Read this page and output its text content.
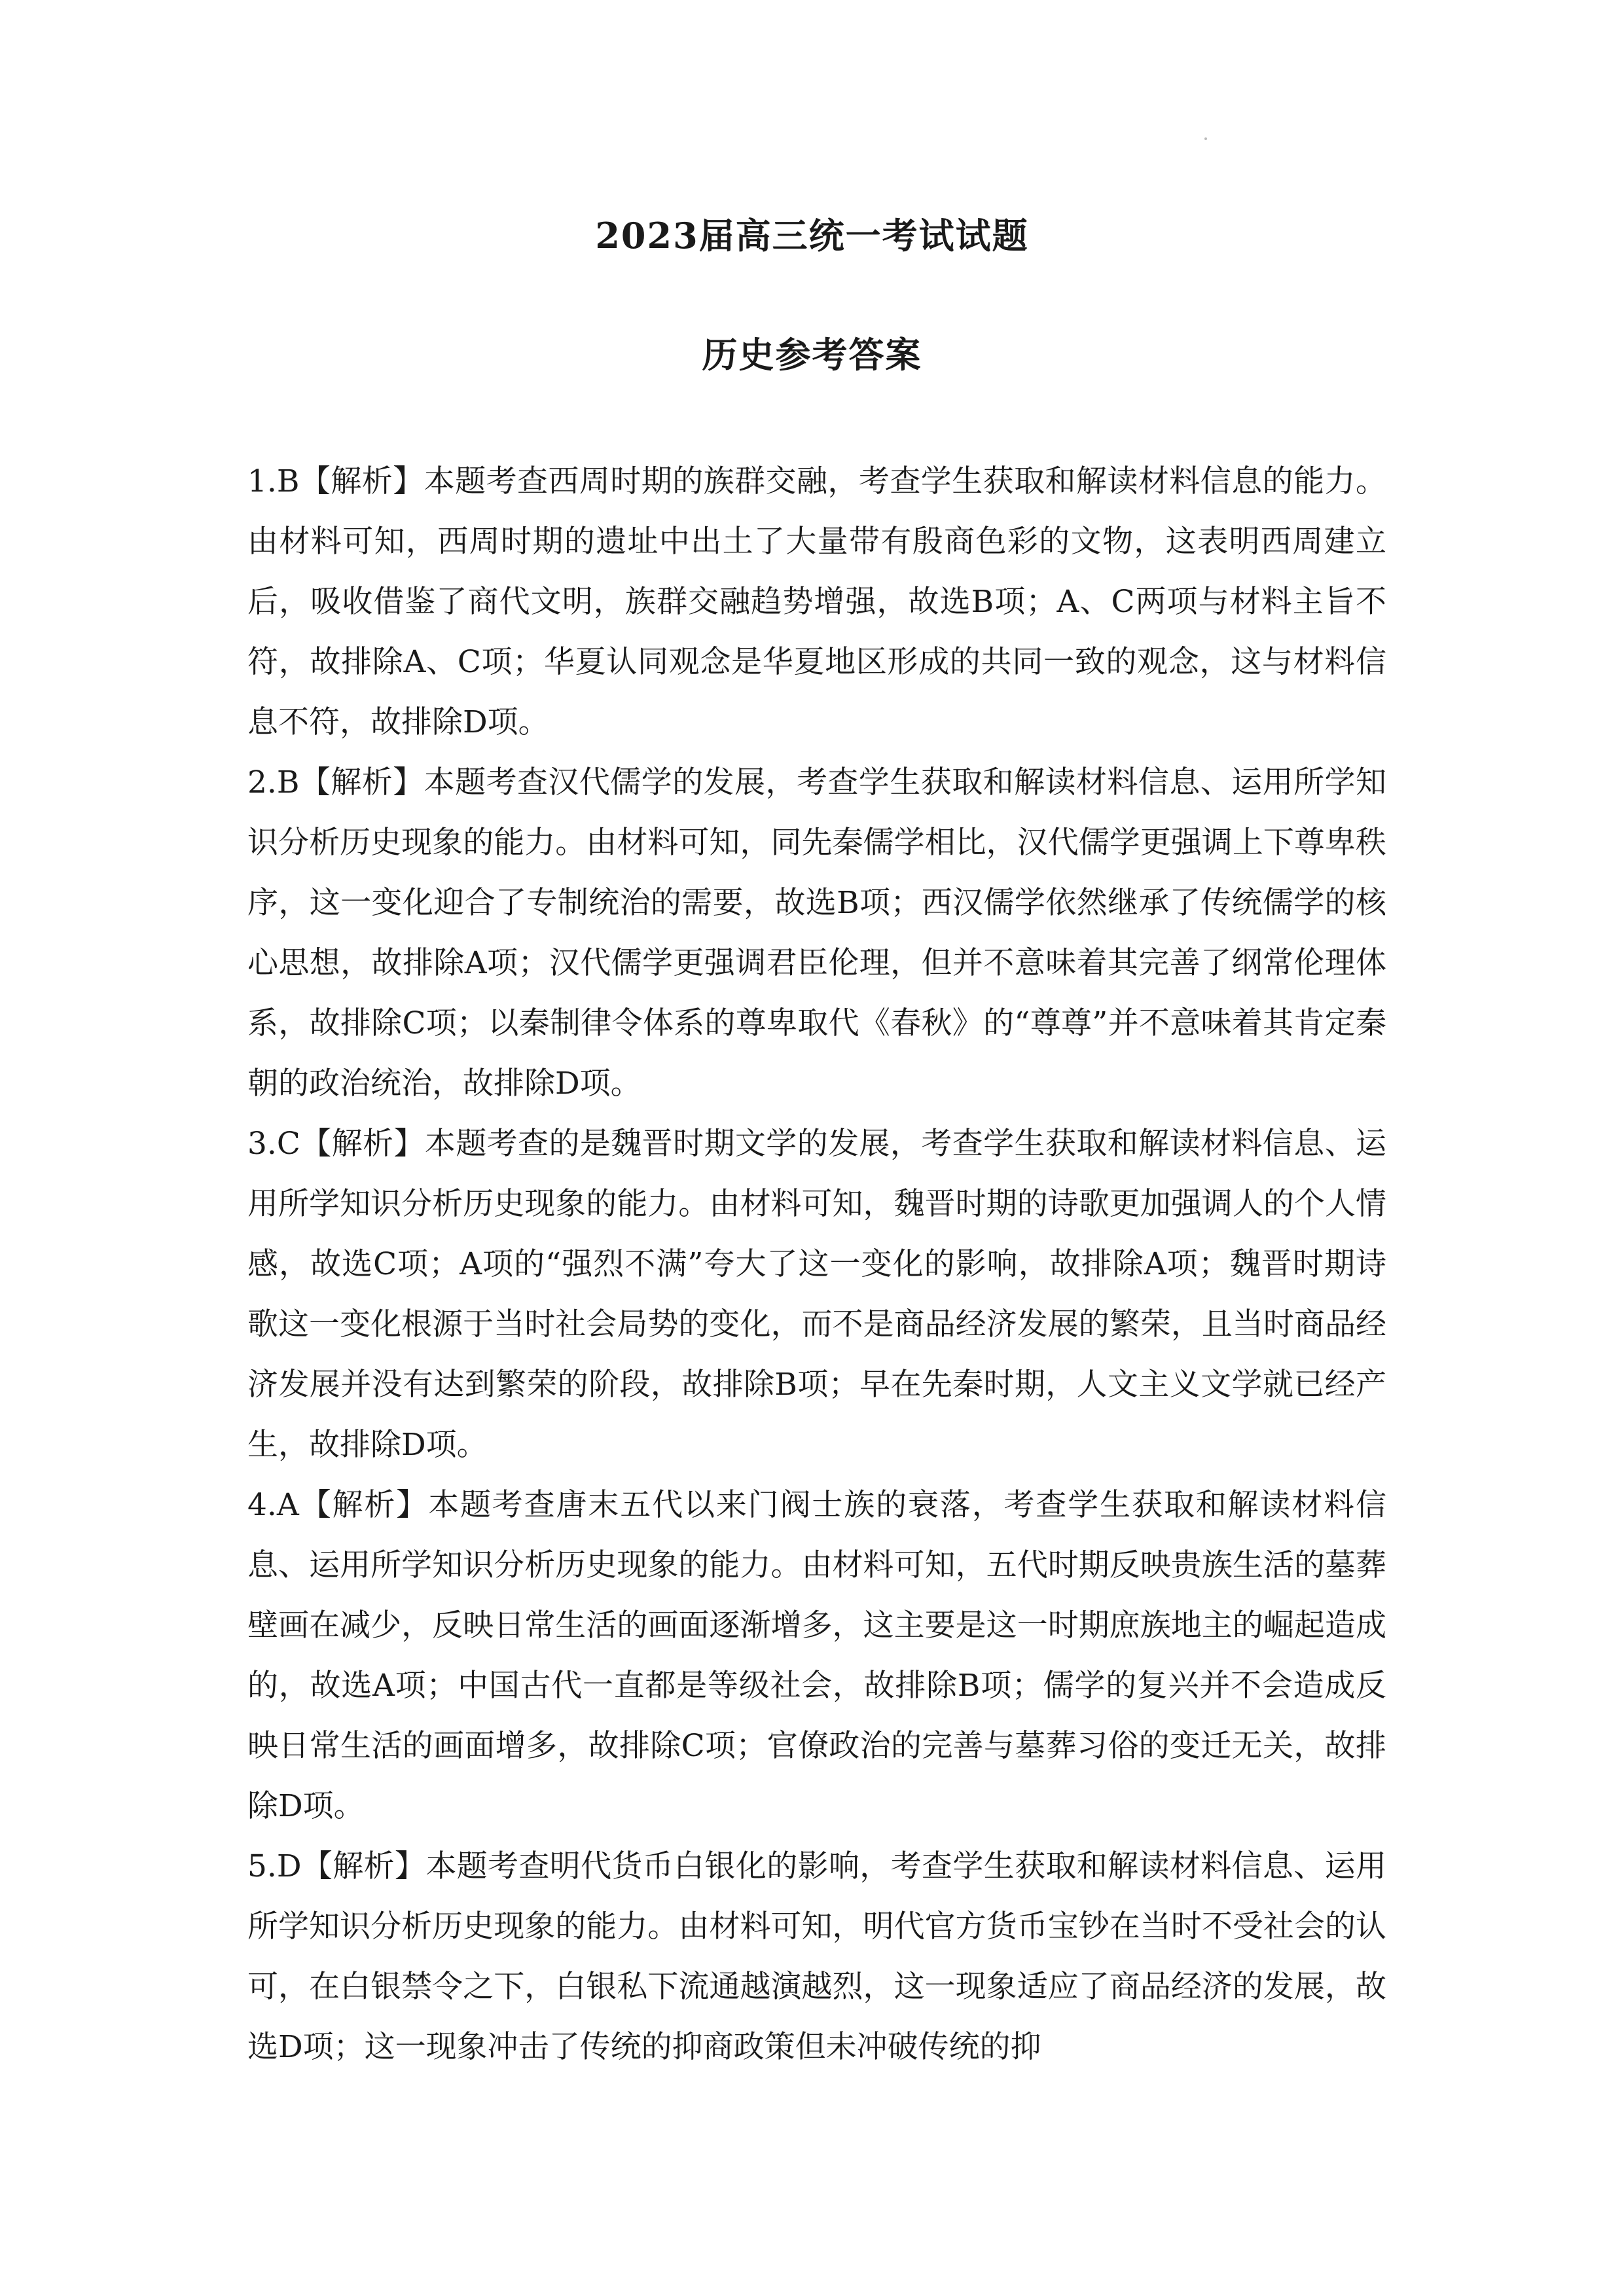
2023届高三统一考试试题
历史参考答案

1.B【解析】本题考查西周时期的族群交融，考查学生获取和解读材料信息的能力。由材料可知，西周时期的遗址中出土了大量带有殷商色彩的文物，这表明西周建立后，吸收借鉴了商代文明，族群交融趋势增强，故选B项；A、C两项与材料主旨不符，故排除A、C项；华夏认同观念是华夏地区形成的共同一致的观念，这与材料信息不符，故排除D项。

2.B【解析】本题考查汉代儒学的发展，考查学生获取和解读材料信息、运用所学知识分析历史现象的能力。由材料可知，同先秦儒学相比，汉代儒学更强调上下尊卑秩序，这一变化迎合了专制统治的需要，故选B项；西汉儒学依然继承了传统儒学的核心思想，故排除A项；汉代儒学更强调君臣伦理，但并不意味着其完善了纲常伦理体系，故排除C项；以秦制律令体系的尊卑取代《春秋》的“尊尊”并不意味着其肯定秦朝的政治统治，故排除D项。

3.C【解析】本题考查的是魏晋时期文学的发展，考查学生获取和解读材料信息、运用所学知识分析历史现象的能力。由材料可知，魏晋时期的诗歌更加强调人的个人情感，故选C项；A项的“强烈不满”夸大了这一变化的影响，故排除A项；魏晋时期诗歌这一变化根源于当时社会局势的变化，而不是商品经济发展的繁荣，且当时商品经济发展并没有达到繁荣的阶段，故排除B项；早在先秦时期，人文主义文学就已经产生，故排除D项。

4.A【解析】本题考查唐末五代以来门阀士族的衰落，考查学生获取和解读材料信息、运用所学知识分析历史现象的能力。由材料可知，五代时期反映贵族生活的墓葬壁画在减少，反映日常生活的画面逐渐增多，这主要是这一时期庶族地主的崛起造成的，故选A项；中国古代一直都是等级社会，故排除B项；儒学的复兴并不会造成反映日常生活的画面增多，故排除C项；官僚政治的完善与墓葬习俗的变迁无关，故排除D项。

5.D【解析】本题考查明代货币白银化的影响，考查学生获取和解读材料信息、运用所学知识分析历史现象的能力。由材料可知，明代官方货币宝钞在当时不受社会的认可，在白银禁令之下，白银私下流通越演越烈，这一现象适应了商品经济的发展，故选D项；这一现象冲击了传统的抑商政策但未冲破传统的抑
